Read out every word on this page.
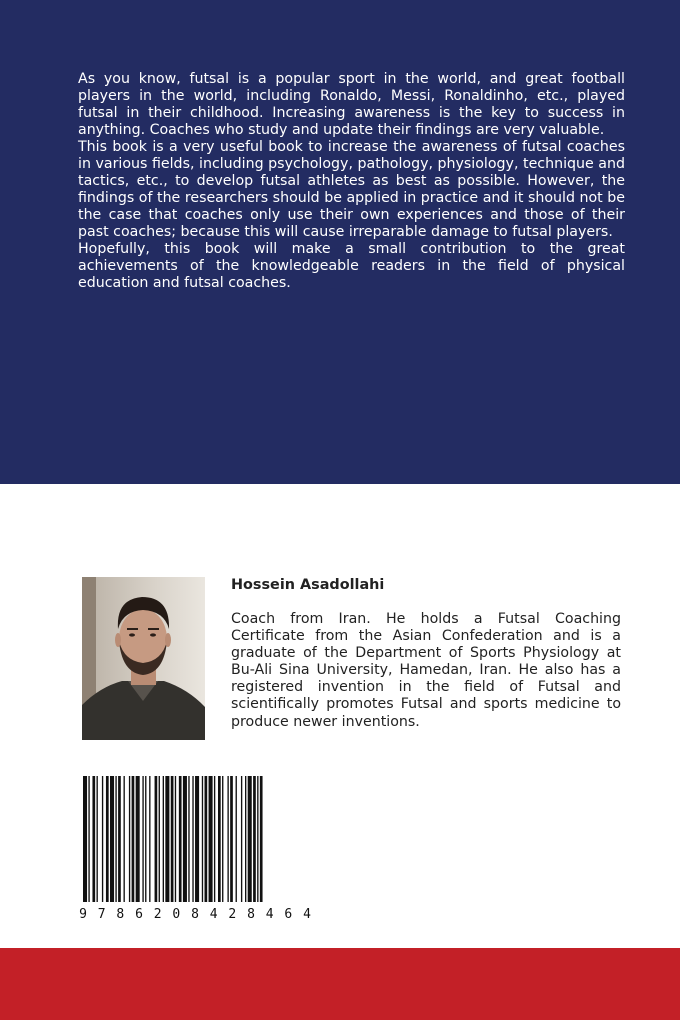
As you know, futsal is a popular sport in the world, and great football players in the world, including Ronaldo, Messi, Ronaldinho, etc., played futsal in their childhood. Increasing awareness is the key to success in anything. Coaches who study and update their findings are very valuable.

This book is a very useful book to increase the awareness of futsal coaches in various fields, including psychology, pathology, physiology, technique and tactics, etc., to develop futsal athletes as best as possible. However, the findings of the researchers should be applied in practice and it should not be the case that coaches only use their own experiences and those of their past coaches; because this will cause irreparable damage to futsal players.

Hopefully, this book will make a small contribution to the great achievements of the knowledgeable readers in the field of physical education and futsal coaches.

Hossein Asadollahi

Coach from Iran. He holds a Futsal Coaching Certificate from the Asian Confederation and is a graduate of the Department of Sports Physiology at Bu-Ali Sina University, Hamedan, Iran. He also has a registered invention in the field of Futsal and scientifically promotes Futsal and sports medicine to produce newer inventions.

9 7 8 6 2 0 8 4 2 8 4 6 4
